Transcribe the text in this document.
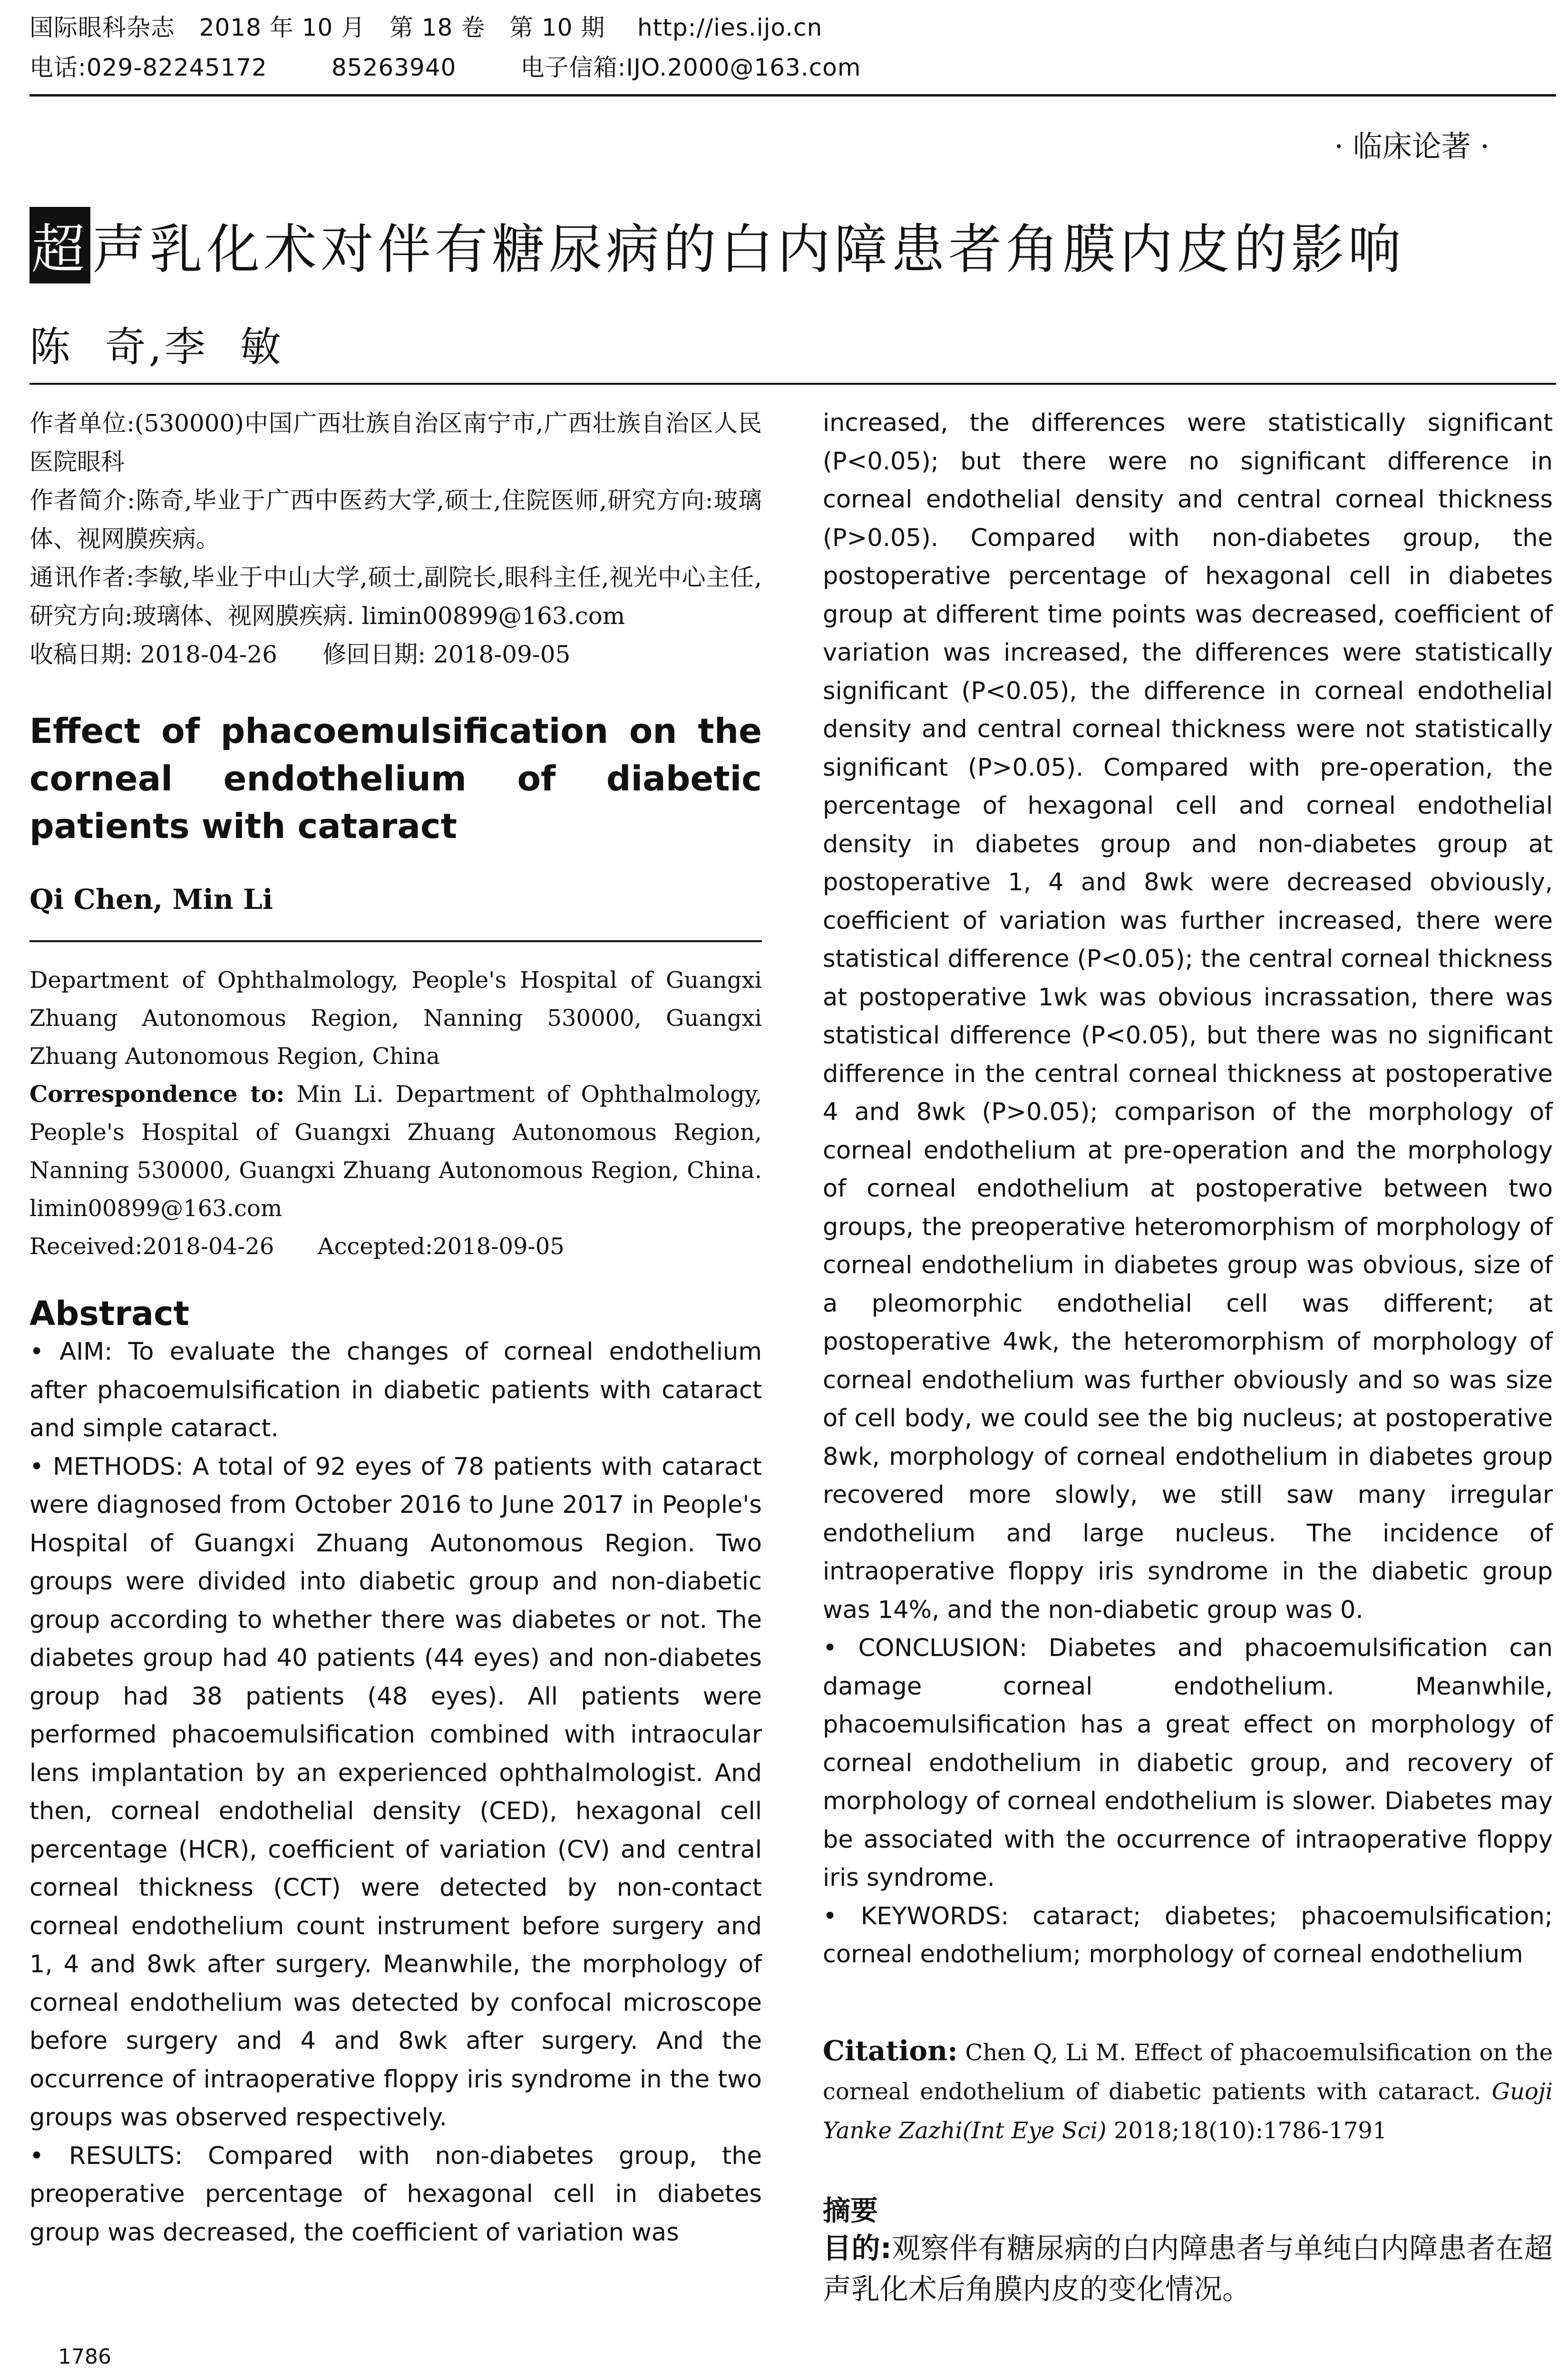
国际眼科杂志   2018 年 10 月   第 18 卷   第 10 期    http://ies.ijo.cn
电话:029-82245172        85263940        电子信箱:IJO.2000@163.com
· 临床论著 ·
超声乳化术对伴有糖尿病的白内障患者角膜内皮的影响
陈  奇,李  敏

作者单位:(530000)中国广西壮族自治区南宁市,广西壮族自治区人民医院眼科

作者简介:陈奇,毕业于广西中医药大学,硕士,住院医师,研究方向:玻璃体、视网膜疾病。

通讯作者:李敏,毕业于中山大学,硕士,副院长,眼科主任,视光中心主任,研究方向:玻璃体、视网膜疾病. limin00899@163.com

收稿日期: 2018-04-26      修回日期: 2018-09-05

Effect of phacoemulsification on the corneal endothelium of diabetic patients with cataract
Qi Chen, Min Li

Department of Ophthalmology, People's Hospital of Guangxi Zhuang Autonomous Region, Nanning 530000, Guangxi Zhuang Autonomous Region, China

Correspondence to: Min Li. Department of Ophthalmology, People's Hospital of Guangxi Zhuang Autonomous Region, Nanning 530000, Guangxi Zhuang Autonomous Region, China. limin00899@163.com

Received:2018-04-26      Accepted:2018-09-05

Abstract

• AIM: To evaluate the changes of corneal endothelium after phacoemulsification in diabetic patients with cataract and simple cataract.

• METHODS: A total of 92 eyes of 78 patients with cataract were diagnosed from October 2016 to June 2017 in People's Hospital of Guangxi Zhuang Autonomous Region. Two groups were divided into diabetic group and non-diabetic group according to whether there was diabetes or not. The diabetes group had 40 patients (44 eyes) and non-diabetes group had 38 patients (48 eyes). All patients were performed phacoemulsification combined with intraocular lens implantation by an experienced ophthalmologist. And then, corneal endothelial density (CED), hexagonal cell percentage (HCR), coefficient of variation (CV) and central corneal thickness (CCT) were detected by non-contact corneal endothelium count instrument before surgery and 1, 4 and 8wk after surgery. Meanwhile, the morphology of corneal endothelium was detected by confocal microscope before surgery and 4 and 8wk after surgery. And the occurrence of intraoperative floppy iris syndrome in the two groups was observed respectively.

• RESULTS: Compared with non-diabetes group, the preoperative percentage of hexagonal cell in diabetes group was decreased, the coefficient of variation was

increased, the differences were statistically significant (P<0.05); but there were no significant difference in corneal endothelial density and central corneal thickness (P>0.05). Compared with non-diabetes group, the postoperative percentage of hexagonal cell in diabetes group at different time points was decreased, coefficient of variation was increased, the differences were statistically significant (P<0.05), the difference in corneal endothelial density and central corneal thickness were not statistically significant (P>0.05). Compared with pre-operation, the percentage of hexagonal cell and corneal endothelial density in diabetes group and non-diabetes group at postoperative 1, 4 and 8wk were decreased obviously, coefficient of variation was further increased, there were statistical difference (P<0.05); the central corneal thickness at postoperative 1wk was obvious incrassation, there was statistical difference (P<0.05), but there was no significant difference in the central corneal thickness at postoperative 4 and 8wk (P>0.05); comparison of the morphology of corneal endothelium at pre-operation and the morphology of corneal endothelium at postoperative between two groups, the preoperative heteromorphism of morphology of corneal endothelium in diabetes group was obvious, size of a pleomorphic endothelial cell was different; at postoperative 4wk, the heteromorphism of morphology of corneal endothelium was further obviously and so was size of cell body, we could see the big nucleus; at postoperative 8wk, morphology of corneal endothelium in diabetes group recovered more slowly, we still saw many irregular endothelium and large nucleus. The incidence of intraoperative floppy iris syndrome in the diabetic group was 14%, and the non-diabetic group was 0.

• CONCLUSION: Diabetes and phacoemulsification can damage corneal endothelium. Meanwhile, phacoemulsification has a great effect on morphology of corneal endothelium in diabetic group, and recovery of morphology of corneal endothelium is slower. Diabetes may be associated with the occurrence of intraoperative floppy iris syndrome.

• KEYWORDS: cataract; diabetes; phacoemulsification; corneal endothelium; morphology of corneal endothelium

Citation: Chen Q, Li M. Effect of phacoemulsification on the corneal endothelium of diabetic patients with cataract. Guoji Yanke Zazhi(Int Eye Sci) 2018;18(10):1786-1791
摘要
目的:观察伴有糖尿病的白内障患者与单纯白内障患者在超声乳化术后角膜内皮的变化情况。
1786
